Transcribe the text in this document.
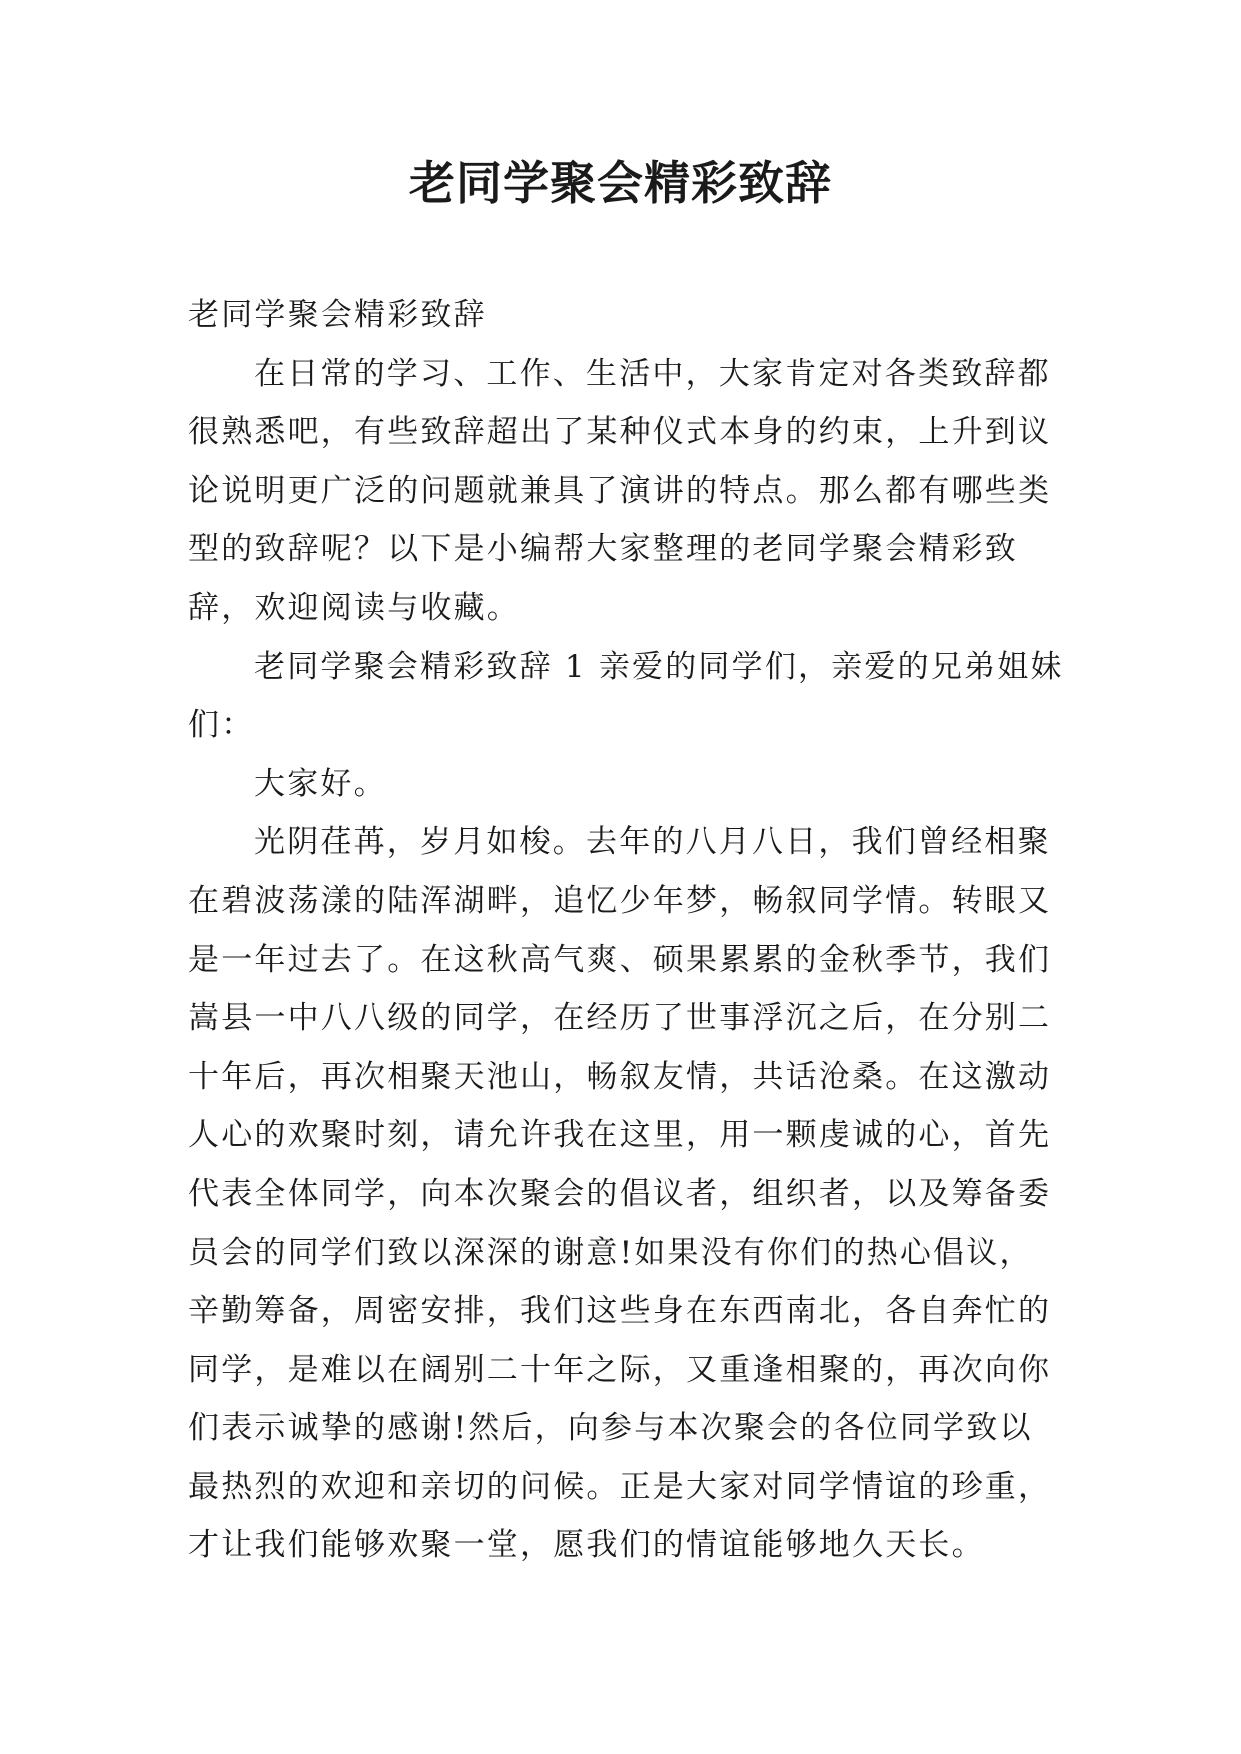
老同学聚会精彩致辞
老同学聚会精彩致辞
在日常的学习、工作、生活中，大家肯定对各类致辞都
很熟悉吧，有些致辞超出了某种仪式本身的约束，上升到议
论说明更广泛的问题就兼具了演讲的特点。那么都有哪些类
型的致辞呢？以下是小编帮大家整理的老同学聚会精彩致
辞，欢迎阅读与收藏。
老同学聚会精彩致辞 1 亲爱的同学们，亲爱的兄弟姐妹
们：
大家好。
光阴荏苒，岁月如梭。去年的八月八日，我们曾经相聚
在碧波荡漾的陆浑湖畔，追忆少年梦，畅叙同学情。转眼又
是一年过去了。在这秋高气爽、硕果累累的金秋季节，我们
嵩县一中八八级的同学，在经历了世事浮沉之后，在分别二
十年后，再次相聚天池山，畅叙友情，共话沧桑。在这激动
人心的欢聚时刻，请允许我在这里，用一颗虔诚的心，首先
代表全体同学，向本次聚会的倡议者，组织者，以及筹备委
员会的同学们致以深深的谢意!如果没有你们的热心倡议，
辛勤筹备，周密安排，我们这些身在东西南北，各自奔忙的
同学，是难以在阔别二十年之际，又重逢相聚的，再次向你
们表示诚挚的感谢!然后，向参与本次聚会的各位同学致以
最热烈的欢迎和亲切的问候。正是大家对同学情谊的珍重，
才让我们能够欢聚一堂，愿我们的情谊能够地久天长。
